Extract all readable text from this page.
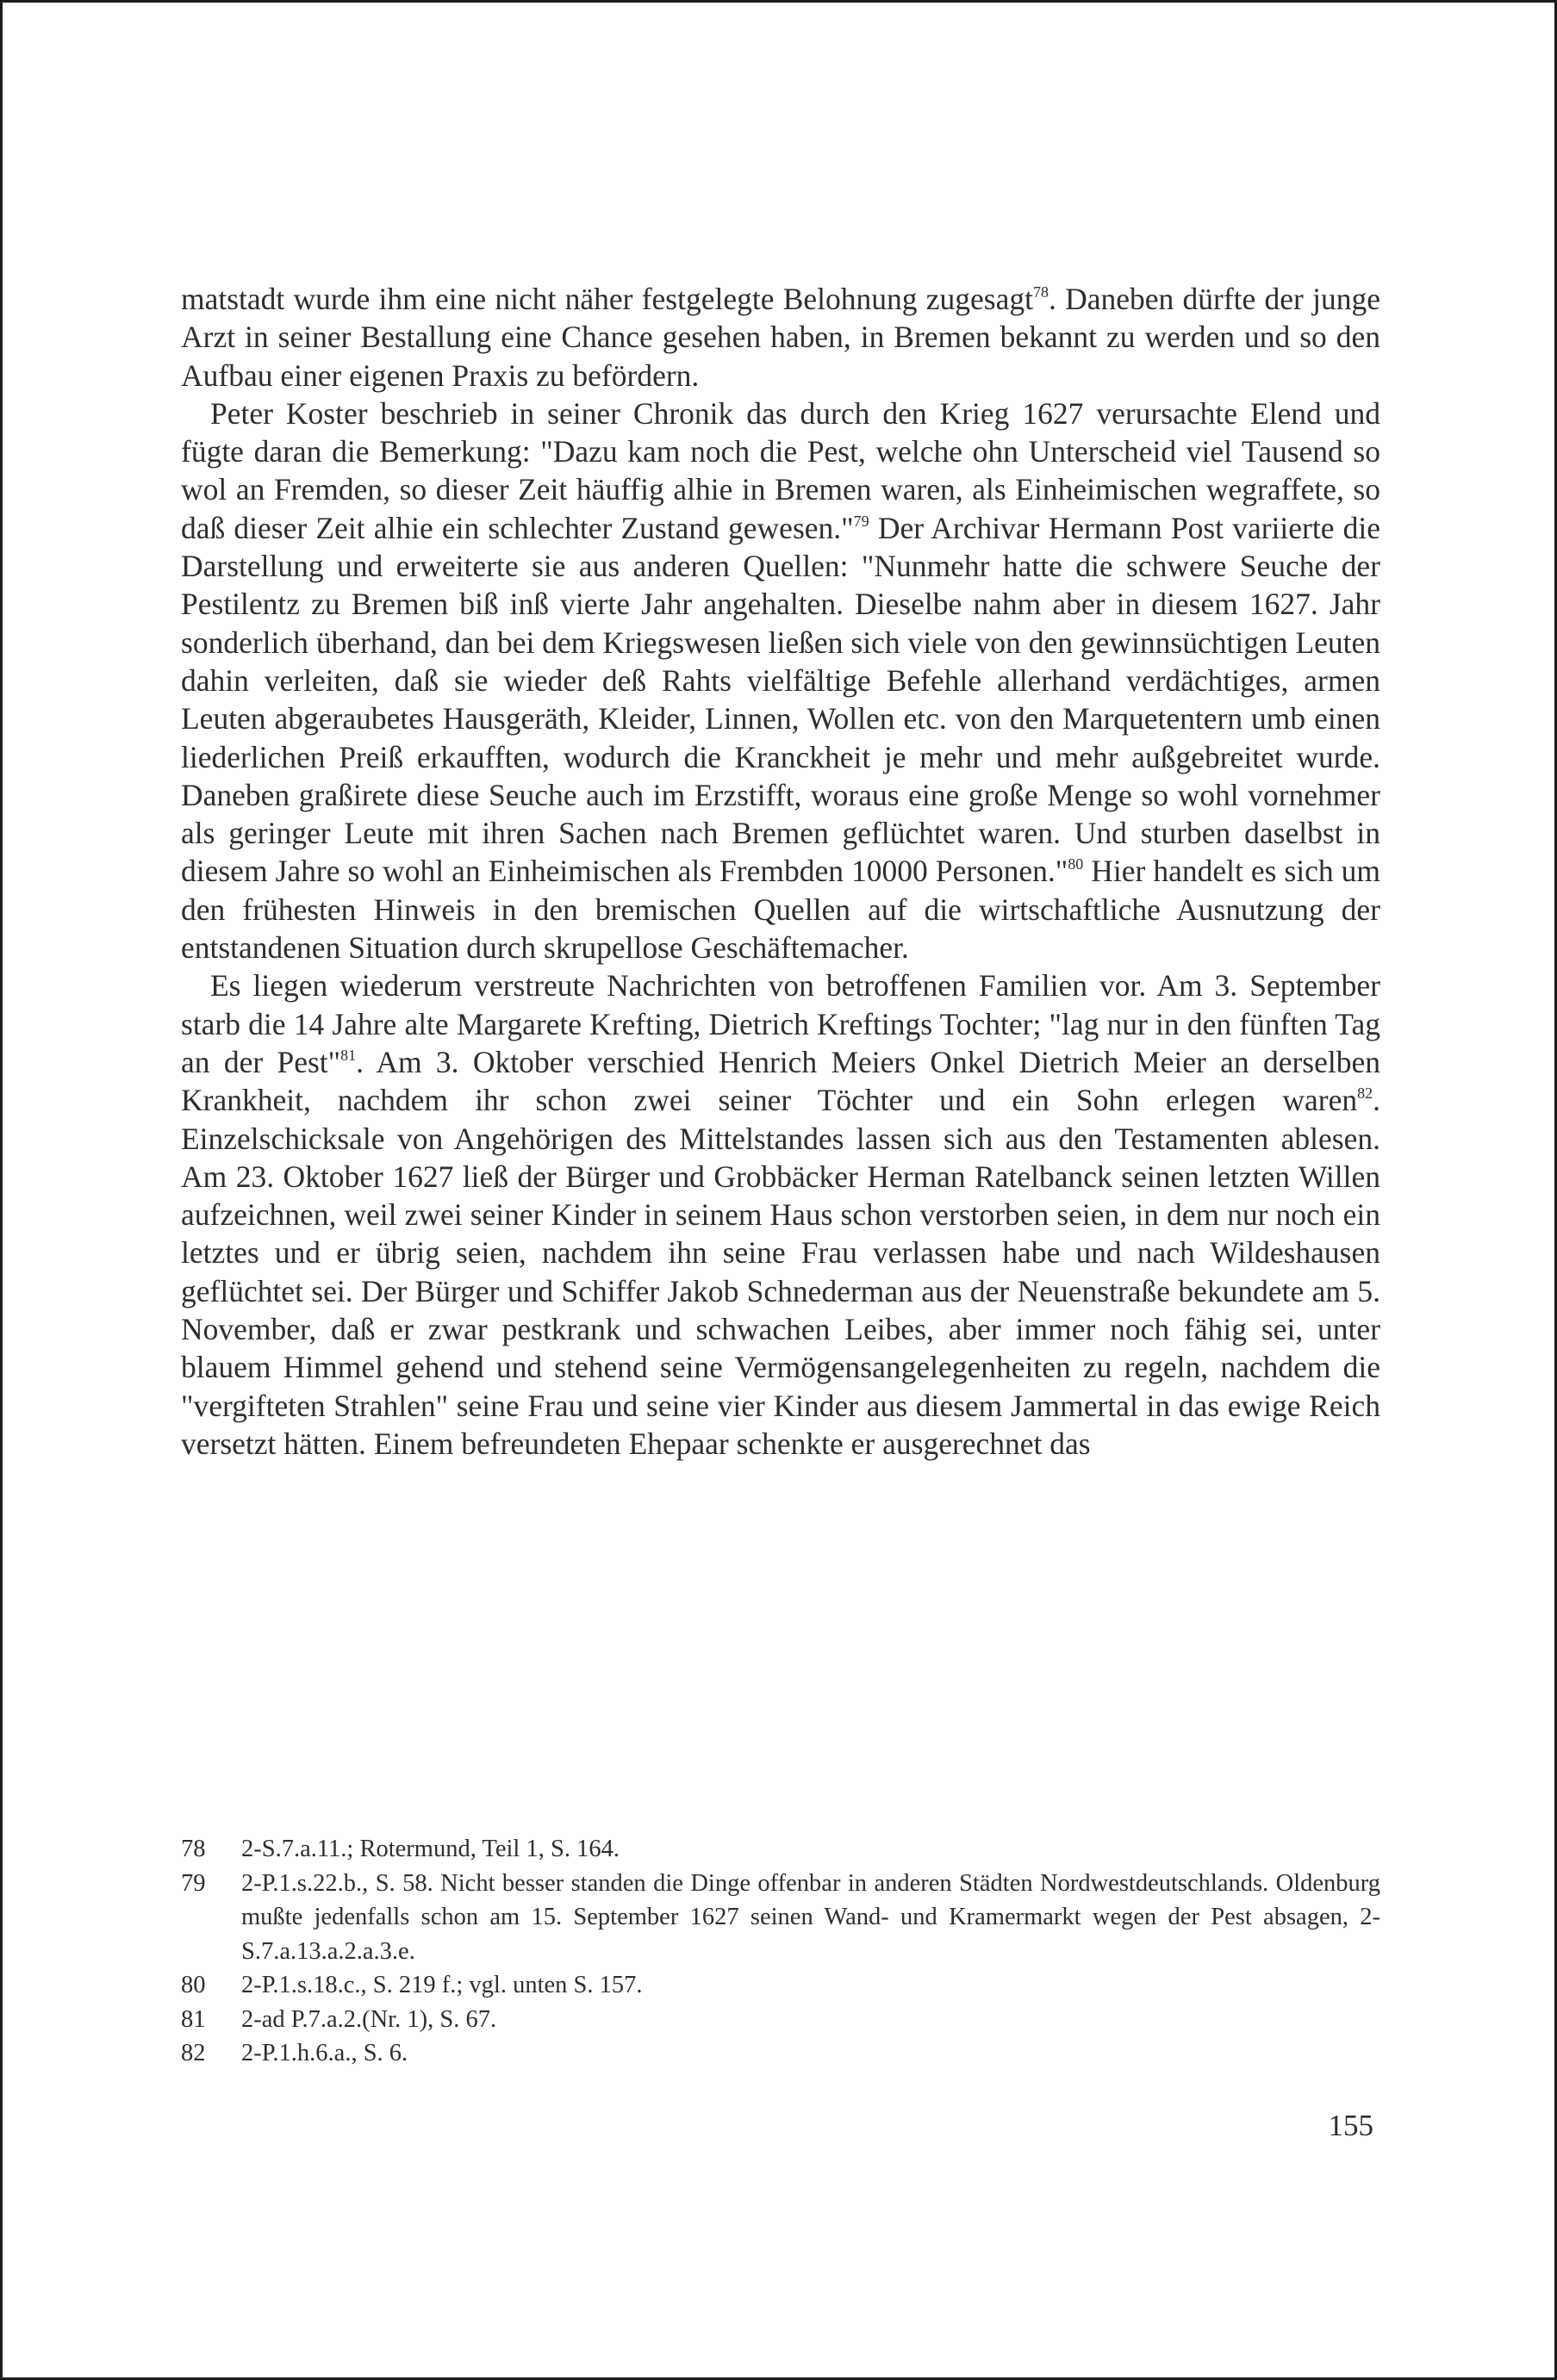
matstadt wurde ihm eine nicht näher festgelegte Belohnung zugesagt$^{78}$. Daneben dürfte der junge Arzt in seiner Bestallung eine Chance gesehen haben, in Bremen bekannt zu werden und so den Aufbau einer eigenen Praxis zu befördern.

Peter Koster beschrieb in seiner Chronik das durch den Krieg 1627 verursachte Elend und fügte daran die Bemerkung: "Dazu kam noch die Pest, welche ohn Unterscheid viel Tausend so wol an Fremden, so dieser Zeit häuffig alhie in Bremen waren, als Einheimischen wegraffete, so daß dieser Zeit alhie ein schlechter Zustand gewesen."$^{79}$ Der Archivar Hermann Post variierte die Darstellung und erweiterte sie aus anderen Quellen: "Nunmehr hatte die schwere Seuche der Pestilentz zu Bremen biß inß vierte Jahr angehalten. Dieselbe nahm aber in diesem 1627. Jahr sonderlich überhand, dan bei dem Kriegswesen ließen sich viele von den gewinnsüchtigen Leuten dahin verleiten, daß sie wieder deß Rahts vielfältige Befehle allerhand verdächtiges, armen Leuten abgeraubetes Hausgeräth, Kleider, Linnen, Wollen etc. von den Marquetentern umb einen liederlichen Preiß erkaufften, wodurch die Kranckheit je mehr und mehr außgebreitet wurde. Daneben graßirete diese Seuche auch im Erzstifft, woraus eine große Menge so wohl vornehmer als geringer Leute mit ihren Sachen nach Bremen geflüchtet waren. Und sturben daselbst in diesem Jahre so wohl an Einheimischen als Frembden 10000 Personen."$^{80}$ Hier handelt es sich um den frühesten Hinweis in den bremischen Quellen auf die wirtschaftliche Ausnutzung der entstandenen Situation durch skrupellose Geschäftemacher.

Es liegen wiederum verstreute Nachrichten von betroffenen Familien vor. Am 3. September starb die 14 Jahre alte Margarete Krefting, Dietrich Kreftings Tochter; "lag nur in den fünften Tag an der Pest"$^{81}$. Am 3. Oktober verschied Henrich Meiers Onkel Dietrich Meier an derselben Krankheit, nachdem ihr schon zwei seiner Töchter und ein Sohn erlegen waren$^{82}$. Einzelschicksale von Angehörigen des Mittelstandes lassen sich aus den Testamenten ablesen. Am 23. Oktober 1627 ließ der Bürger und Grobbäcker Herman Ratelbanck seinen letzten Willen aufzeichnen, weil zwei seiner Kinder in seinem Haus schon verstorben seien, in dem nur noch ein letztes und er übrig seien, nachdem ihn seine Frau verlassen habe und nach Wildeshausen geflüchtet sei. Der Bürger und Schiffer Jakob Schnederman aus der Neuenstraße bekundete am 5. November, daß er zwar pestkrank und schwachen Leibes, aber immer noch fähig sei, unter blauem Himmel gehend und stehend seine Vermögensangelegenheiten zu regeln, nachdem die "vergifteten Strahlen" seine Frau und seine vier Kinder aus diesem Jammertal in das ewige Reich versetzt hätten. Einem befreundeten Ehepaar schenkte er ausgerechnet das

78	2-S.7.a.11.; Rotermund, Teil 1, S. 164.
79	2-P.1.s.22.b., S. 58. Nicht besser standen die Dinge offenbar in anderen Städten Nordwestdeutschlands. Oldenburg mußte jedenfalls schon am 15. September 1627 seinen Wand- und Kramermarkt wegen der Pest absagen, 2-S.7.a.13.a.2.a.3.e.
80	2-P.1.s.18.c., S. 219 f.; vgl. unten S. 157.
81	2-ad P.7.a.2.(Nr. 1), S. 67.
82	2-P.1.h.6.a., S. 6.
155
